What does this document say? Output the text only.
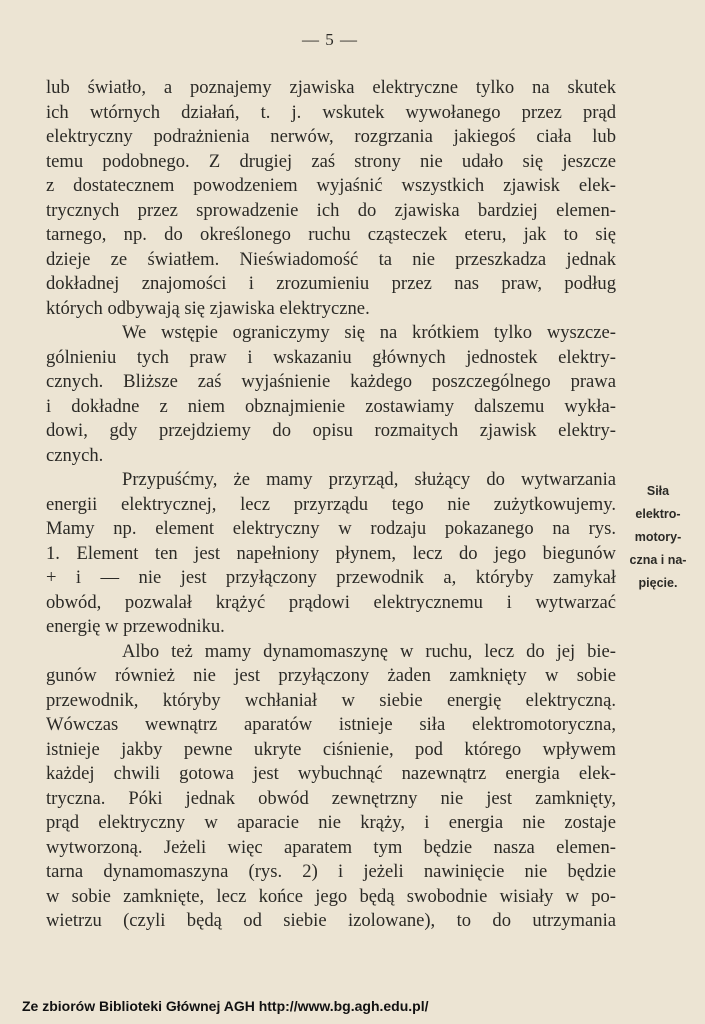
— 5 —
lub światło, a poznajemy zjawiska elektryczne tylko na skutek
ich wtórnych działań, t. j. wskutek wywołanego przez prąd
elektryczny podrażnienia nerwów, rozgrzania jakiegoś ciała lub
temu podobnego. Z drugiej zaś strony nie udało się jeszcze
z dostatecznem powodzeniem wyjaśnić wszystkich zjawisk elek-
trycznych przez sprowadzenie ich do zjawiska bardziej elemen-
tarnego, np. do określonego ruchu cząsteczek eteru, jak to się
dzieje ze światłem. Nieświadomość ta nie przeszkadza jednak
dokładnej znajomości i zrozumieniu przez nas praw, podług
których odbywają się zjawiska elektryczne.
We wstępie ograniczymy się na krótkiem tylko wyszcze-
gólnieniu tych praw i wskazaniu głównych jednostek elektry-
cznych. Bliższe zaś wyjaśnienie każdego poszczególnego prawa
i dokładne z niem obznajmienie zostawiamy dalszemu wykła-
dowi, gdy przejdziemy do opisu rozmaitych zjawisk elektry-
cznych.
Przypuśćmy, że mamy przyrząd, służący do wytwarzania
energii elektrycznej, lecz przyrządu tego nie zużytkowujemy.
Mamy np. element elektryczny w rodzaju pokazanego na rys.
1. Element ten jest napełniony płynem, lecz do jego biegunów
+ i — nie jest przyłączony przewodnik a, któryby zamykał
obwód, pozwalał krążyć prądowi elektrycznemu i wytwarzać
energię w przewodniku.
Albo też mamy dynamomaszynę w ruchu, lecz do jej bie-
gunów również nie jest przyłączony żaden zamknięty w sobie
przewodnik, któryby wchłaniał w siebie energię elektryczną.
Wówczas wewnątrz aparatów istnieje siła elektromotoryczna,
istnieje jakby pewne ukryte ciśnienie, pod którego wpływem
każdej chwili gotowa jest wybuchnąć nazewnątrz energia elek-
tryczna. Póki jednak obwód zewnętrzny nie jest zamknięty,
prąd elektryczny w aparacie nie krąży, i energia nie zostaje
wytworzoną. Jeżeli więc aparatem tym będzie nasza elemen-
tarna dynamomaszyna (rys. 2) i jeżeli nawinięcie nie będzie
w sobie zamknięte, lecz końce jego będą swobodnie wisiały w po-
wietrzu (czyli będą od siebie izolowane), to do utrzymania
Siła
elektro-
motory-
czna i na-
pięcie.
Ze zbiorów Biblioteki Głównej AGH http://www.bg.agh.edu.pl/
